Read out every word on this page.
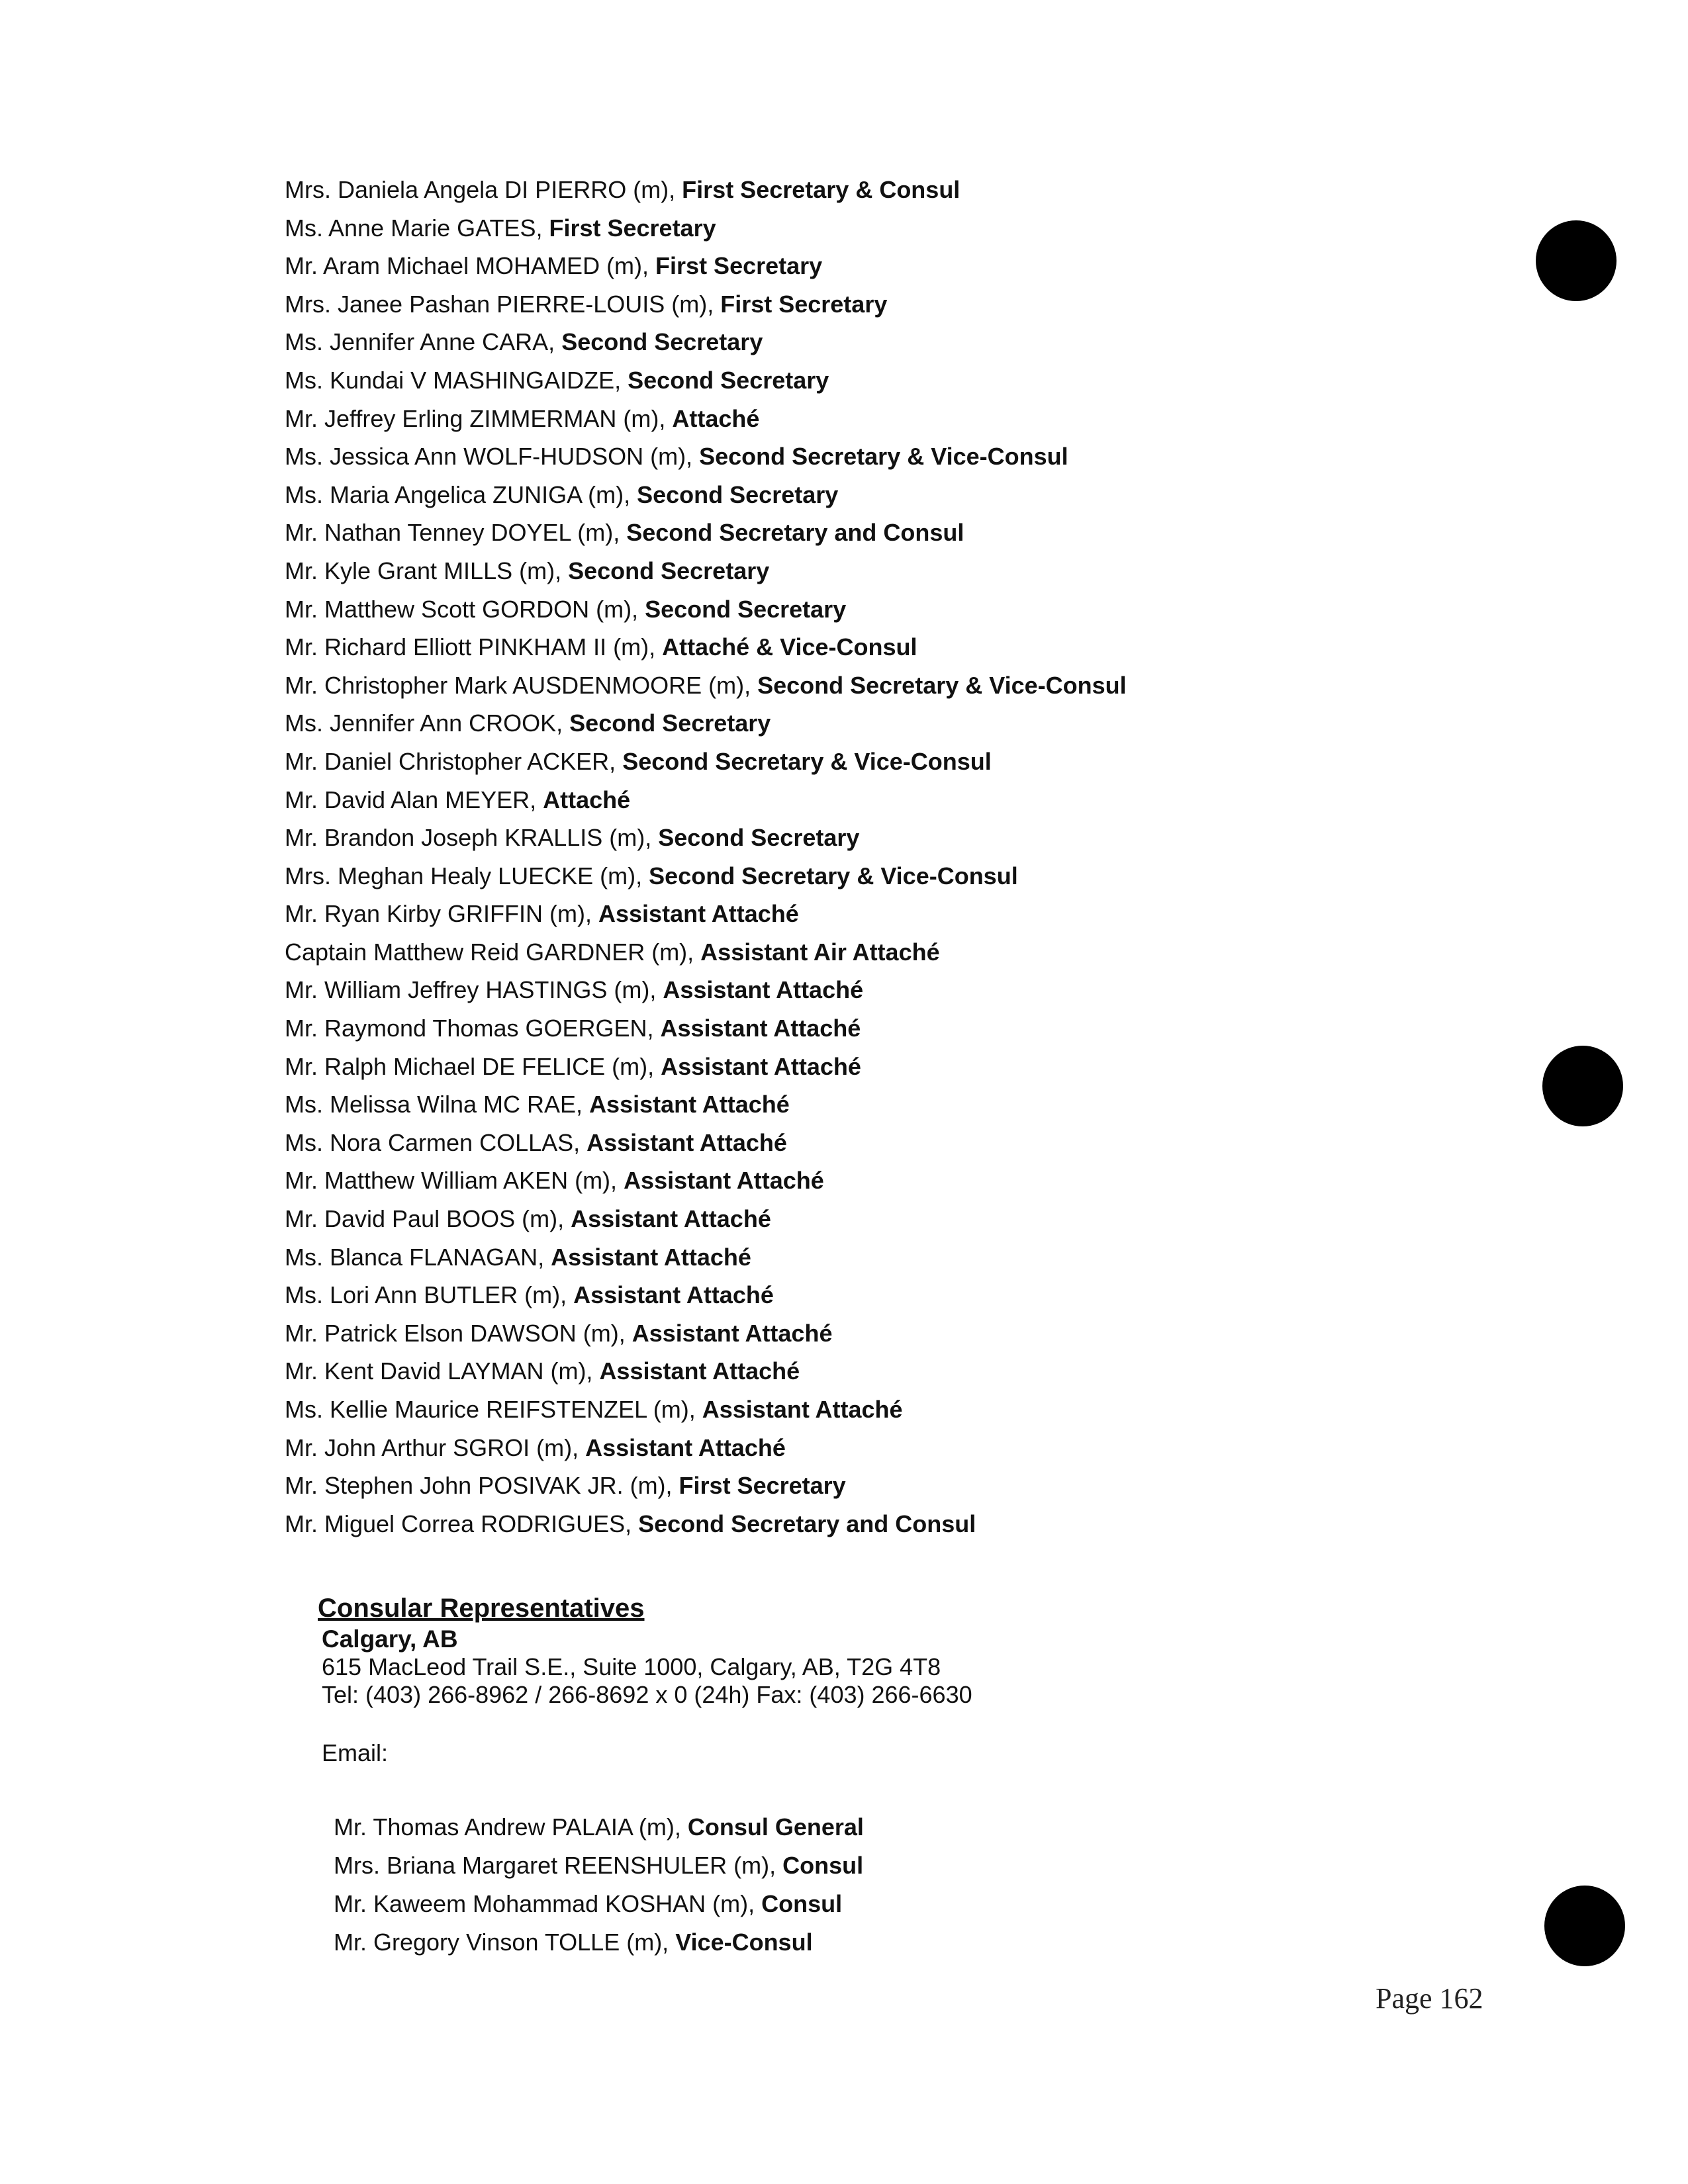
Mrs. Daniela Angela DI PIERRO (m), First Secretary & Consul
Ms. Anne Marie GATES, First Secretary
Mr. Aram Michael MOHAMED (m), First Secretary
Mrs. Janee Pashan PIERRE-LOUIS (m), First Secretary
Ms. Jennifer Anne CARA, Second Secretary
Ms. Kundai V MASHINGAIDZE, Second Secretary
Mr. Jeffrey Erling ZIMMERMAN (m), Attaché
Ms. Jessica Ann WOLF-HUDSON (m), Second Secretary & Vice-Consul
Ms. Maria Angelica ZUNIGA (m), Second Secretary
Mr. Nathan Tenney DOYEL (m), Second Secretary and Consul
Mr. Kyle Grant MILLS (m), Second Secretary
Mr. Matthew Scott GORDON (m), Second Secretary
Mr. Richard Elliott PINKHAM II (m), Attaché & Vice-Consul
Mr. Christopher Mark AUSDENMOORE (m), Second Secretary & Vice-Consul
Ms. Jennifer Ann CROOK, Second Secretary
Mr. Daniel Christopher ACKER, Second Secretary & Vice-Consul
Mr. David Alan MEYER, Attaché
Mr. Brandon Joseph KRALLIS (m), Second Secretary
Mrs. Meghan Healy LUECKE (m), Second Secretary & Vice-Consul
Mr. Ryan Kirby GRIFFIN (m), Assistant Attaché
Captain Matthew Reid GARDNER (m), Assistant Air Attaché
Mr. William Jeffrey HASTINGS (m), Assistant Attaché
Mr. Raymond Thomas GOERGEN, Assistant Attaché
Mr. Ralph Michael DE FELICE (m), Assistant Attaché
Ms. Melissa Wilna MC RAE, Assistant Attaché
Ms. Nora Carmen COLLAS, Assistant Attaché
Mr. Matthew William AKEN (m), Assistant Attaché
Mr. David Paul BOOS (m), Assistant Attaché
Ms. Blanca FLANAGAN, Assistant Attaché
Ms. Lori Ann BUTLER (m), Assistant Attaché
Mr. Patrick Elson DAWSON (m), Assistant Attaché
Mr. Kent David LAYMAN (m), Assistant Attaché
Ms. Kellie Maurice REIFSTENZEL (m), Assistant Attaché
Mr. John Arthur SGROI (m), Assistant Attaché
Mr. Stephen John POSIVAK JR. (m), First Secretary
Mr. Miguel Correa RODRIGUES, Second Secretary and Consul
Consular Representatives
Calgary, AB
615 MacLeod Trail S.E., Suite 1000, Calgary, AB, T2G 4T8
Tel: (403) 266-8962 / 266-8692 x 0 (24h) Fax: (403) 266-6630
Email:
Mr. Thomas Andrew PALAIA (m), Consul General
Mrs. Briana Margaret REENSHULER (m), Consul
Mr. Kaweem Mohammad KOSHAN (m), Consul
Mr. Gregory Vinson TOLLE (m), Vice-Consul
Page 162
